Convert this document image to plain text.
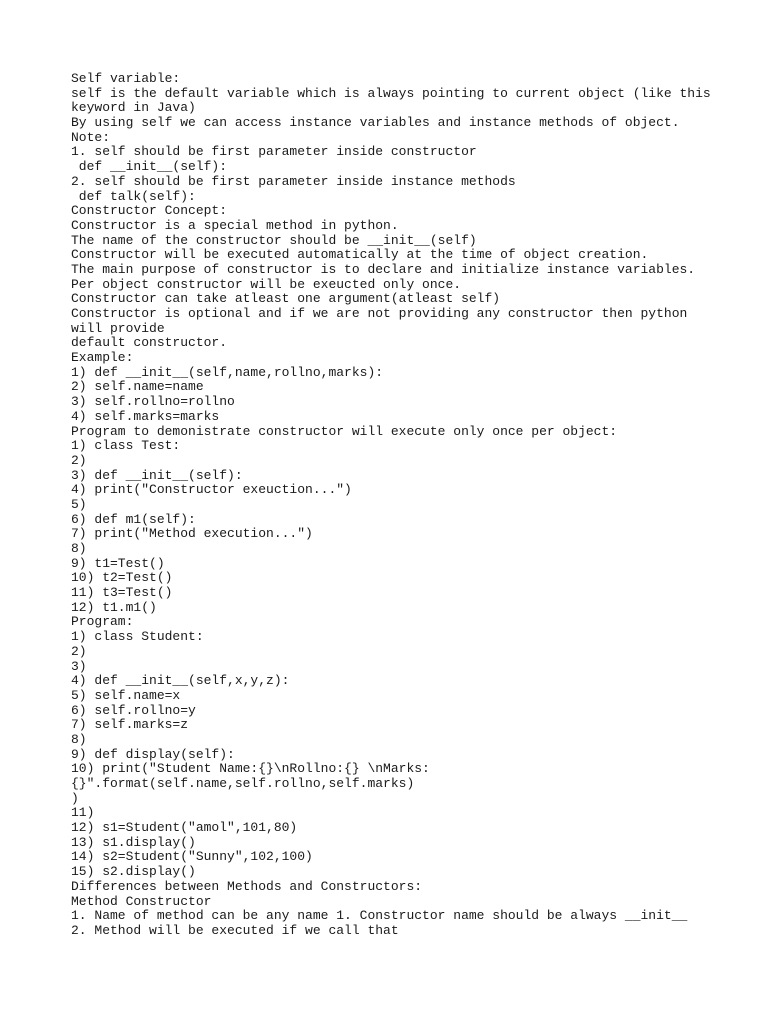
Self variable:
self is the default variable which is always pointing to current object (like this
keyword in Java)
By using self we can access instance variables and instance methods of object.
Note:
1. self should be first parameter inside constructor
def __init__(self):
2. self should be first parameter inside instance methods
def talk(self):
Constructor Concept:
Constructor is a special method in python.
The name of the constructor should be __init__(self)
Constructor will be executed automatically at the time of object creation.
The main purpose of constructor is to declare and initialize instance variables.
Per object constructor will be exeucted only once.
Constructor can take atleast one argument(atleast self)
Constructor is optional and if we are not providing any constructor then python
will provide
default constructor.
Example:
1) def __init__(self,name,rollno,marks):
2) self.name=name
3) self.rollno=rollno
4) self.marks=marks
Program to demonistrate constructor will execute only once per object:
1) class Test:
2)
3) def __init__(self):
4) print("Constructor exeuction...")
5)
6) def m1(self):
7) print("Method execution...")
8)
9) t1=Test()
10) t2=Test()
11) t3=Test()
12) t1.m1()
Program:
1) class Student:
2)
3)
4) def __init__(self,x,y,z):
5) self.name=x
6) self.rollno=y
7) self.marks=z
8)
9) def display(self):
10) print("Student Name:{}\nRollno:{} \nMarks:
{}".format(self.name,self.rollno,self.marks)
)
11)
12) s1=Student("amol",101,80)
13) s1.display()
14) s2=Student("Sunny",102,100)
15) s2.display()
Differences between Methods and Constructors:
Method Constructor
1. Name of method can be any name 1. Constructor name should be always __init__
2. Method will be executed if we call that
